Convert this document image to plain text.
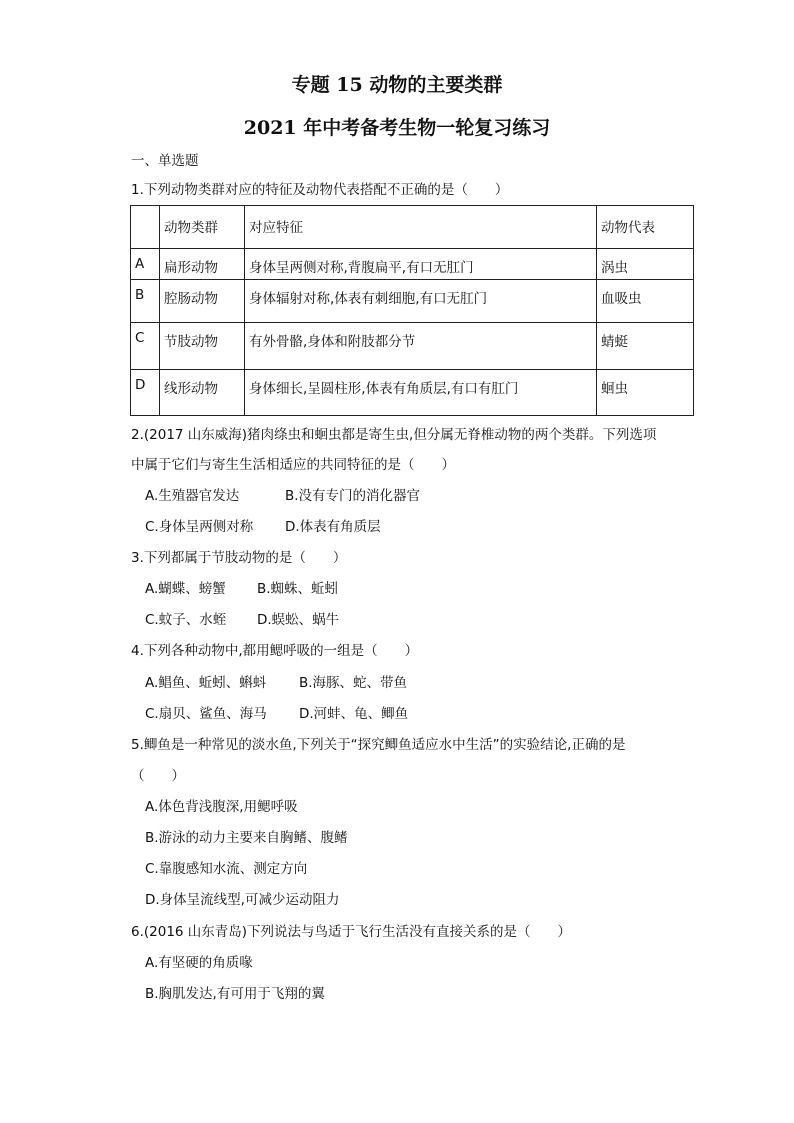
专题 15 动物的主要类群
2021 年中考备考生物一轮复习练习
一、单选题
1.下列动物类群对应的特征及动物代表搭配不正确的是（　　）
	动物类群	对应特征	动物代表
A	扁形动物	身体呈两侧对称,背腹扁平,有口无肛门	涡虫
B	腔肠动物	身体辐射对称,体表有刺细胞,有口无肛门	血吸虫
C	节肢动物	有外骨骼,身体和附肢都分节	蜻蜓
D	线形动物	身体细长,呈圆柱形,体表有角质层,有口有肛门	蛔虫
2.(2017 山东威海)猪肉绦虫和蛔虫都是寄生虫,但分属无脊椎动物的两个类群。下列选项
中属于它们与寄生生活相适应的共同特征的是（　　）
A.生殖器官发达	B.没有专门的消化器官
C.身体呈两侧对称 D.体表有角质层
3.下列都属于节肢动物的是（　　）
A.蝴蝶、螃蟹 B.蜘蛛、蚯蚓
C.蚊子、水蛭 D.蜈蚣、蜗牛
4.下列各种动物中,都用鳃呼吸的一组是（　　）
A.鲳鱼、蚯蚓、蝌蚪 B.海豚、蛇、带鱼
C.扇贝、鲨鱼、海马 D.河蚌、龟、鲫鱼
5.鲫鱼是一种常见的淡水鱼,下列关于“探究鲫鱼适应水中生活”的实验结论,正确的是
（　　）
A.体色背浅腹深,用鳃呼吸
B.游泳的动力主要来自胸鳍、腹鳍
C.靠腹感知水流、测定方向
D.身体呈流线型,可减少运动阻力
6.(2016 山东青岛)下列说法与鸟适于飞行生活没有直接关系的是（　　）
A.有坚硬的角质喙
B.胸肌发达,有可用于飞翔的翼
